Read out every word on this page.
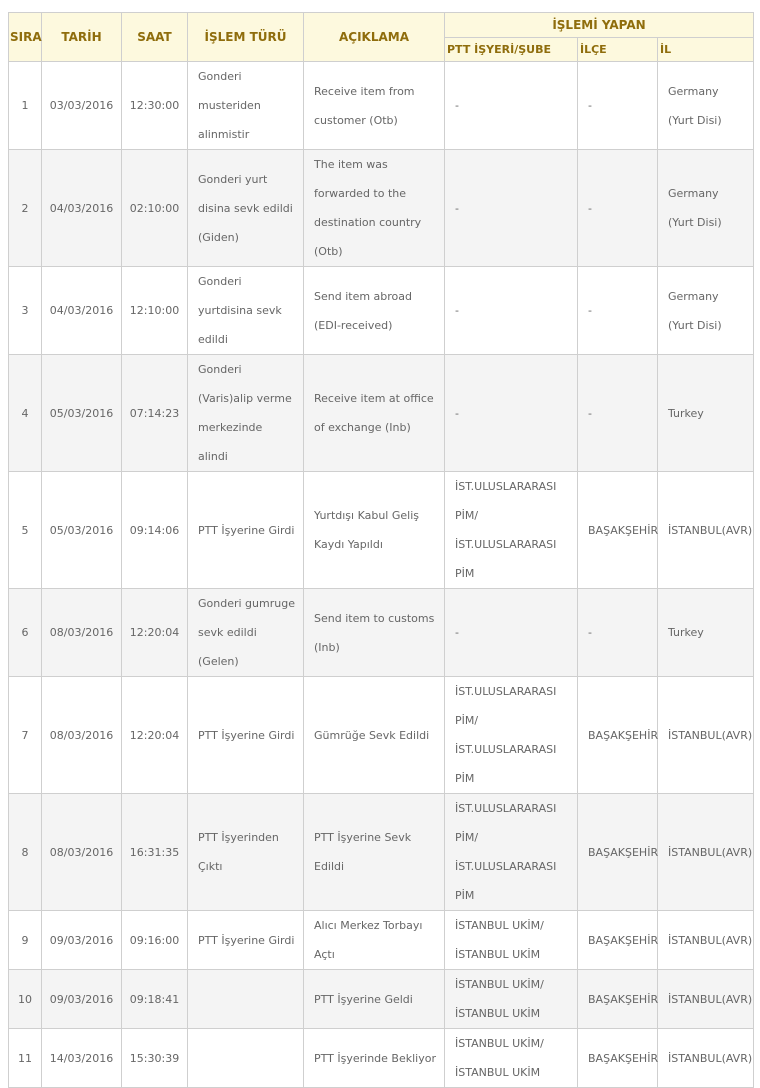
SIRA	TARİH	SAAT	İŞLEM TÜRÜ	AÇIKLAMA	İŞLEMİ YAPAN		
					PTT İŞYERİ/ŞUBE	İLÇE	İL
1	03/03/2016	12:30:00	Gonderi musteriden alinmistir	Receive item from customer (Otb)	-	-	Germany (Yurt Disi)
2	04/03/2016	02:10:00	Gonderi yurt disina sevk edildi (Giden)	The item was forwarded to the destination country (Otb)	-	-	Germany (Yurt Disi)
3	04/03/2016	12:10:00	Gonderi yurtdisina sevk edildi	Send item abroad (EDI-received)	-	-	Germany (Yurt Disi)
4	05/03/2016	07:14:23	Gonderi (Varis)alip verme merkezinde alindi	Receive item at office of exchange (Inb)	-	-	Turkey
5	05/03/2016	09:14:06	PTT İşyerine Girdi	Yurtdışı Kabul Geliş Kaydı Yapıldı	İST.ULUSLARARASI PİM/İST.ULUSLARARASI PİM	BAŞAKŞEHİR	İSTANBUL(AVR)
6	08/03/2016	12:20:04	Gonderi gumruge sevk edildi (Gelen)	Send item to customs (Inb)	-	-	Turkey
7	08/03/2016	12:20:04	PTT İşyerine Girdi	Gümrüğe Sevk Edildi	İST.ULUSLARARASI PİM/İST.ULUSLARARASI PİM	BAŞAKŞEHİR	İSTANBUL(AVR)
8	08/03/2016	16:31:35	PTT İşyerinden Çıktı	PTT İşyerine Sevk Edildi	İST.ULUSLARARASI PİM/İST.ULUSLARARASI PİM	BAŞAKŞEHİR	İSTANBUL(AVR)
9	09/03/2016	09:16:00	PTT İşyerine Girdi	Alıcı Merkez Torbayı Açtı	İSTANBUL UKİM/İSTANBUL UKİM	BAŞAKŞEHİR	İSTANBUL(AVR)
10	09/03/2016	09:18:41		PTT İşyerine Geldi	İSTANBUL UKİM/İSTANBUL UKİM	BAŞAKŞEHİR	İSTANBUL(AVR)
11	14/03/2016	15:30:39		PTT İşyerinde Bekliyor	İSTANBUL UKİM/İSTANBUL UKİM	BAŞAKŞEHİR	İSTANBUL(AVR)
